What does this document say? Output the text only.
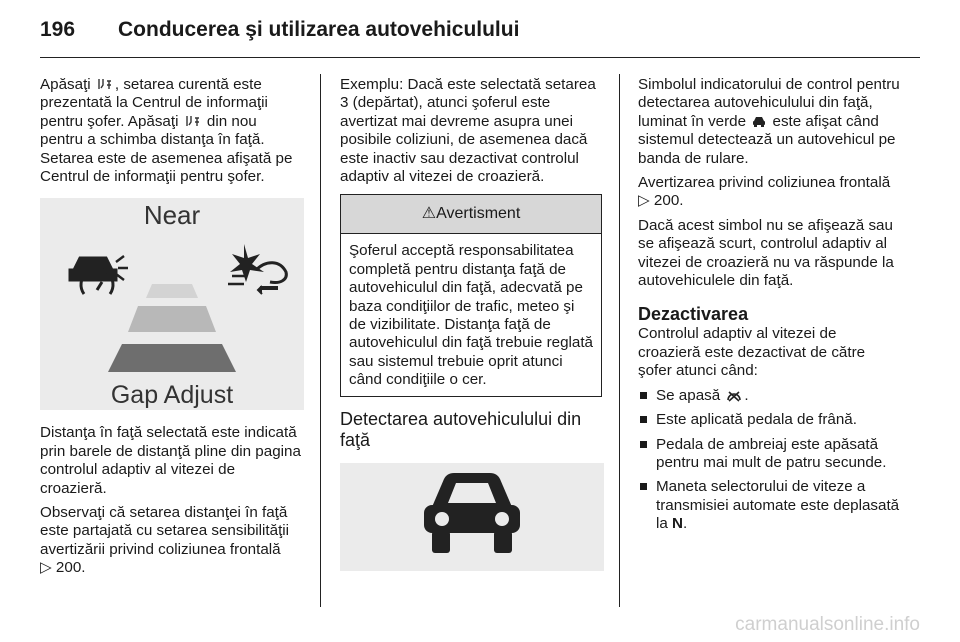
196 Conducerea şi utilizarea autovehiculului

Apăsaţi , setarea curentă este prezentată la Centrul de informaţii pentru şofer. Apăsaţi  din nou pentru a schimba distanţa în faţă. Setarea este de asemenea afişată pe Centrul de informaţii pentru şofer.

Near
Gap Adjust

Distanţa în faţă selectată este indicată prin barele de distanţă pline din pagina controlul adaptiv al vitezei de croazieră.

Observaţi că setarea distanţei în faţă este partajată cu setarea sensibilităţii avertizării privind coliziunea frontală
▷ 200.

Exemplu: Dacă este selectată setarea 3 (depărtat), atunci şoferul este avertizat mai devreme asupra unei posibile coliziuni, de asemenea dacă este inactiv sau dezactivat controlul adaptiv al vitezei de croazieră.

⚠Avertisment
Şoferul acceptă responsabilitatea completă pentru distanţa faţă de autovehiculul din faţă, adecvată pe baza condiţiilor de trafic, meteo şi de vizibilitate. Distanţa faţă de autovehiculul din faţă trebuie reglată sau sistemul trebuie oprit atunci când condiţiile o cer.
Detectarea autovehiculului din faţă

Simbolul indicatorului de control pentru detectarea autovehiculului din faţă, luminat în verde  este afişat când sistemul detectează un autovehicul pe banda de rulare.

Avertizarea privind coliziunea frontală
▷ 200.

Dacă acest simbol nu se afişează sau se afişează scurt, controlul adaptiv al vitezei de croazieră nu va răspunde la autovehiculele din faţă.

Dezactivarea

Controlul adaptiv al vitezei de croazieră este dezactivat de către şofer atunci când:

Se apasă .
Este aplicată pedala de frână.
Pedala de ambreiaj este apăsată pentru mai mult de patru secunde.
Maneta selectorului de viteze a transmisiei automate este deplasată la N.
carmanualsonline.info
